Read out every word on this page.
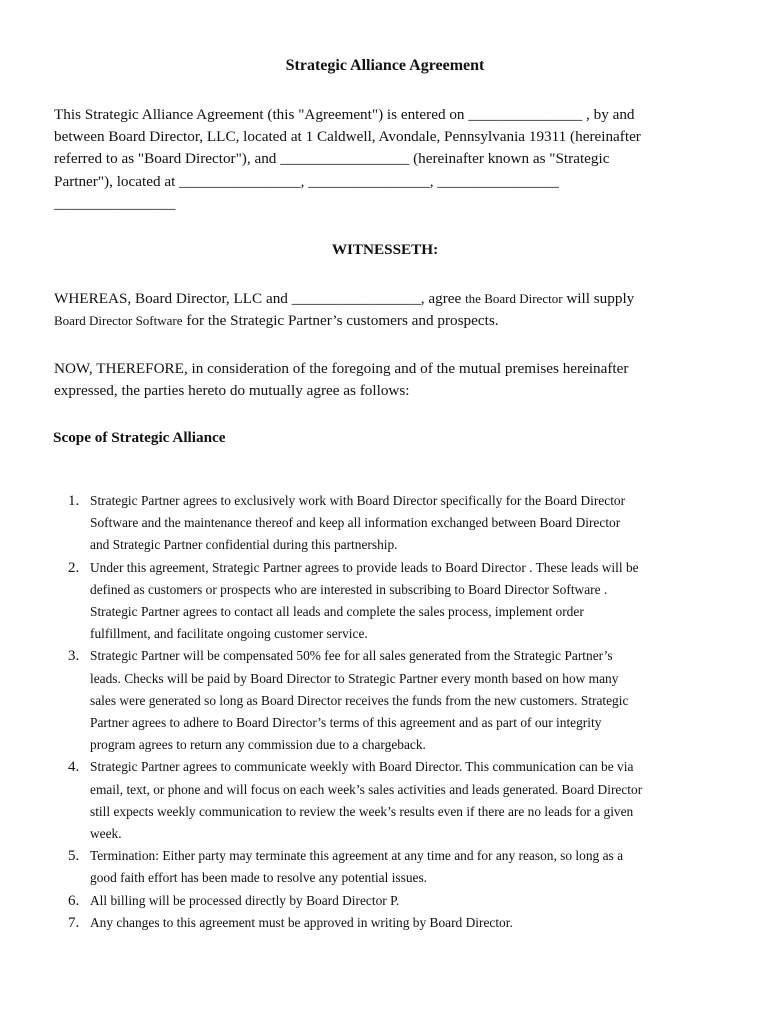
Strategic Alliance Agreement
This Strategic Alliance Agreement (this "Agreement") is entered on _______________ , by and
between Board Director, LLC, located at 1 Caldwell, Avondale, Pennsylvania 19311 (hereinafter
referred to as "Board Director"), and _________________ (hereinafter known as "Strategic
Partner"), located at ________________, ________________, ________________
________________
WITNESSETH:
WHEREAS, Board Director, LLC and _________________, agree the Board Director will supply
Board Director Software for the Strategic Partner’s customers and prospects.
NOW, THEREFORE, in consideration of the foregoing and of the mutual premises hereinafter
expressed, the parties hereto do mutually agree as follows:
Scope of Strategic Alliance
1. Strategic Partner agrees to exclusively work with Board Director specifically for the Board Director
Software and the maintenance thereof and keep all information exchanged between Board Director
and Strategic Partner confidential during this partnership.
2. Under this agreement, Strategic Partner agrees to provide leads to Board Director . These leads will be
defined as customers or prospects who are interested in subscribing to Board Director Software .
Strategic Partner agrees to contact all leads and complete the sales process, implement order
fulfillment, and facilitate ongoing customer service.
3. Strategic Partner will be compensated 50% fee for all sales generated from the Strategic Partner’s
leads. Checks will be paid by Board Director to Strategic Partner every month based on how many
sales were generated so long as Board Director receives the funds from the new customers. Strategic
Partner agrees to adhere to Board Director’s terms of this agreement and as part of our integrity
program agrees to return any commission due to a chargeback.
4. Strategic Partner agrees to communicate weekly with Board Director. This communication can be via
email, text, or phone and will focus on each week’s sales activities and leads generated. Board Director
still expects weekly communication to review the week’s results even if there are no leads for a given
week.
5. Termination: Either party may terminate this agreement at any time and for any reason, so long as a
good faith effort has been made to resolve any potential issues.
6. All billing will be processed directly by Board Director P.
7. Any changes to this agreement must be approved in writing by Board Director.
